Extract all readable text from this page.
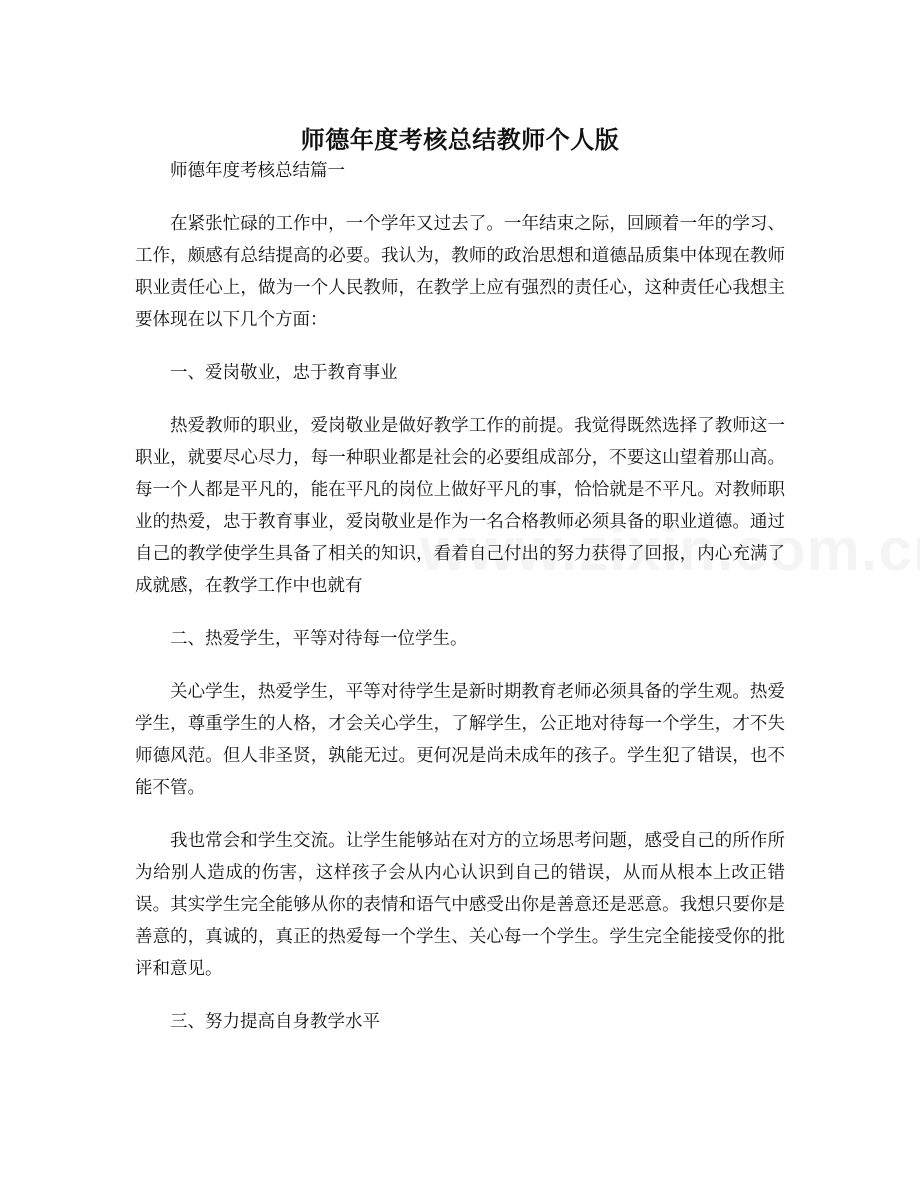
师德年度考核总结教师个人版

师德年度考核总结篇一

在紧张忙碌的工作中，一个学年又过去了。一年结束之际，回顾着一年的学习、工作，颇感有总结提高的必要。我认为，教师的政治思想和道德品质集中体现在教师职业责任心上，做为一个人民教师，在教学上应有强烈的责任心，这种责任心我想主要体现在以下几个方面：

一、爱岗敬业，忠于教育事业

热爱教师的职业，爱岗敬业是做好教学工作的前提。我觉得既然选择了教师这一职业，就要尽心尽力，每一种职业都是社会的必要组成部分，不要这山望着那山高。每一个人都是平凡的，能在平凡的岗位上做好平凡的事，恰恰就是不平凡。对教师职业的热爱，忠于教育事业，爱岗敬业是作为一名合格教师必须具备的职业道德。通过自己的教学使学生具备了相关的知识，看着自己付出的努力获得了回报，内心充满了成就感，在教学工作中也就有

二、热爱学生，平等对待每一位学生。

关心学生，热爱学生，平等对待学生是新时期教育老师必须具备的学生观。热爱学生，尊重学生的人格，才会关心学生，了解学生，公正地对待每一个学生，才不失师德风范。但人非圣贤，孰能无过。更何况是尚未成年的孩子。学生犯了错误，也不能不管。

我也常会和学生交流。让学生能够站在对方的立场思考问题，感受自己的所作所为给别人造成的伤害，这样孩子会从内心认识到自己的错误，从而从根本上改正错误。其实学生完全能够从你的表情和语气中感受出你是善意还是恶意。我想只要你是善意的，真诚的，真正的热爱每一个学生、关心每一个学生。学生完全能接受你的批评和意见。

三、努力提高自身教学水平
